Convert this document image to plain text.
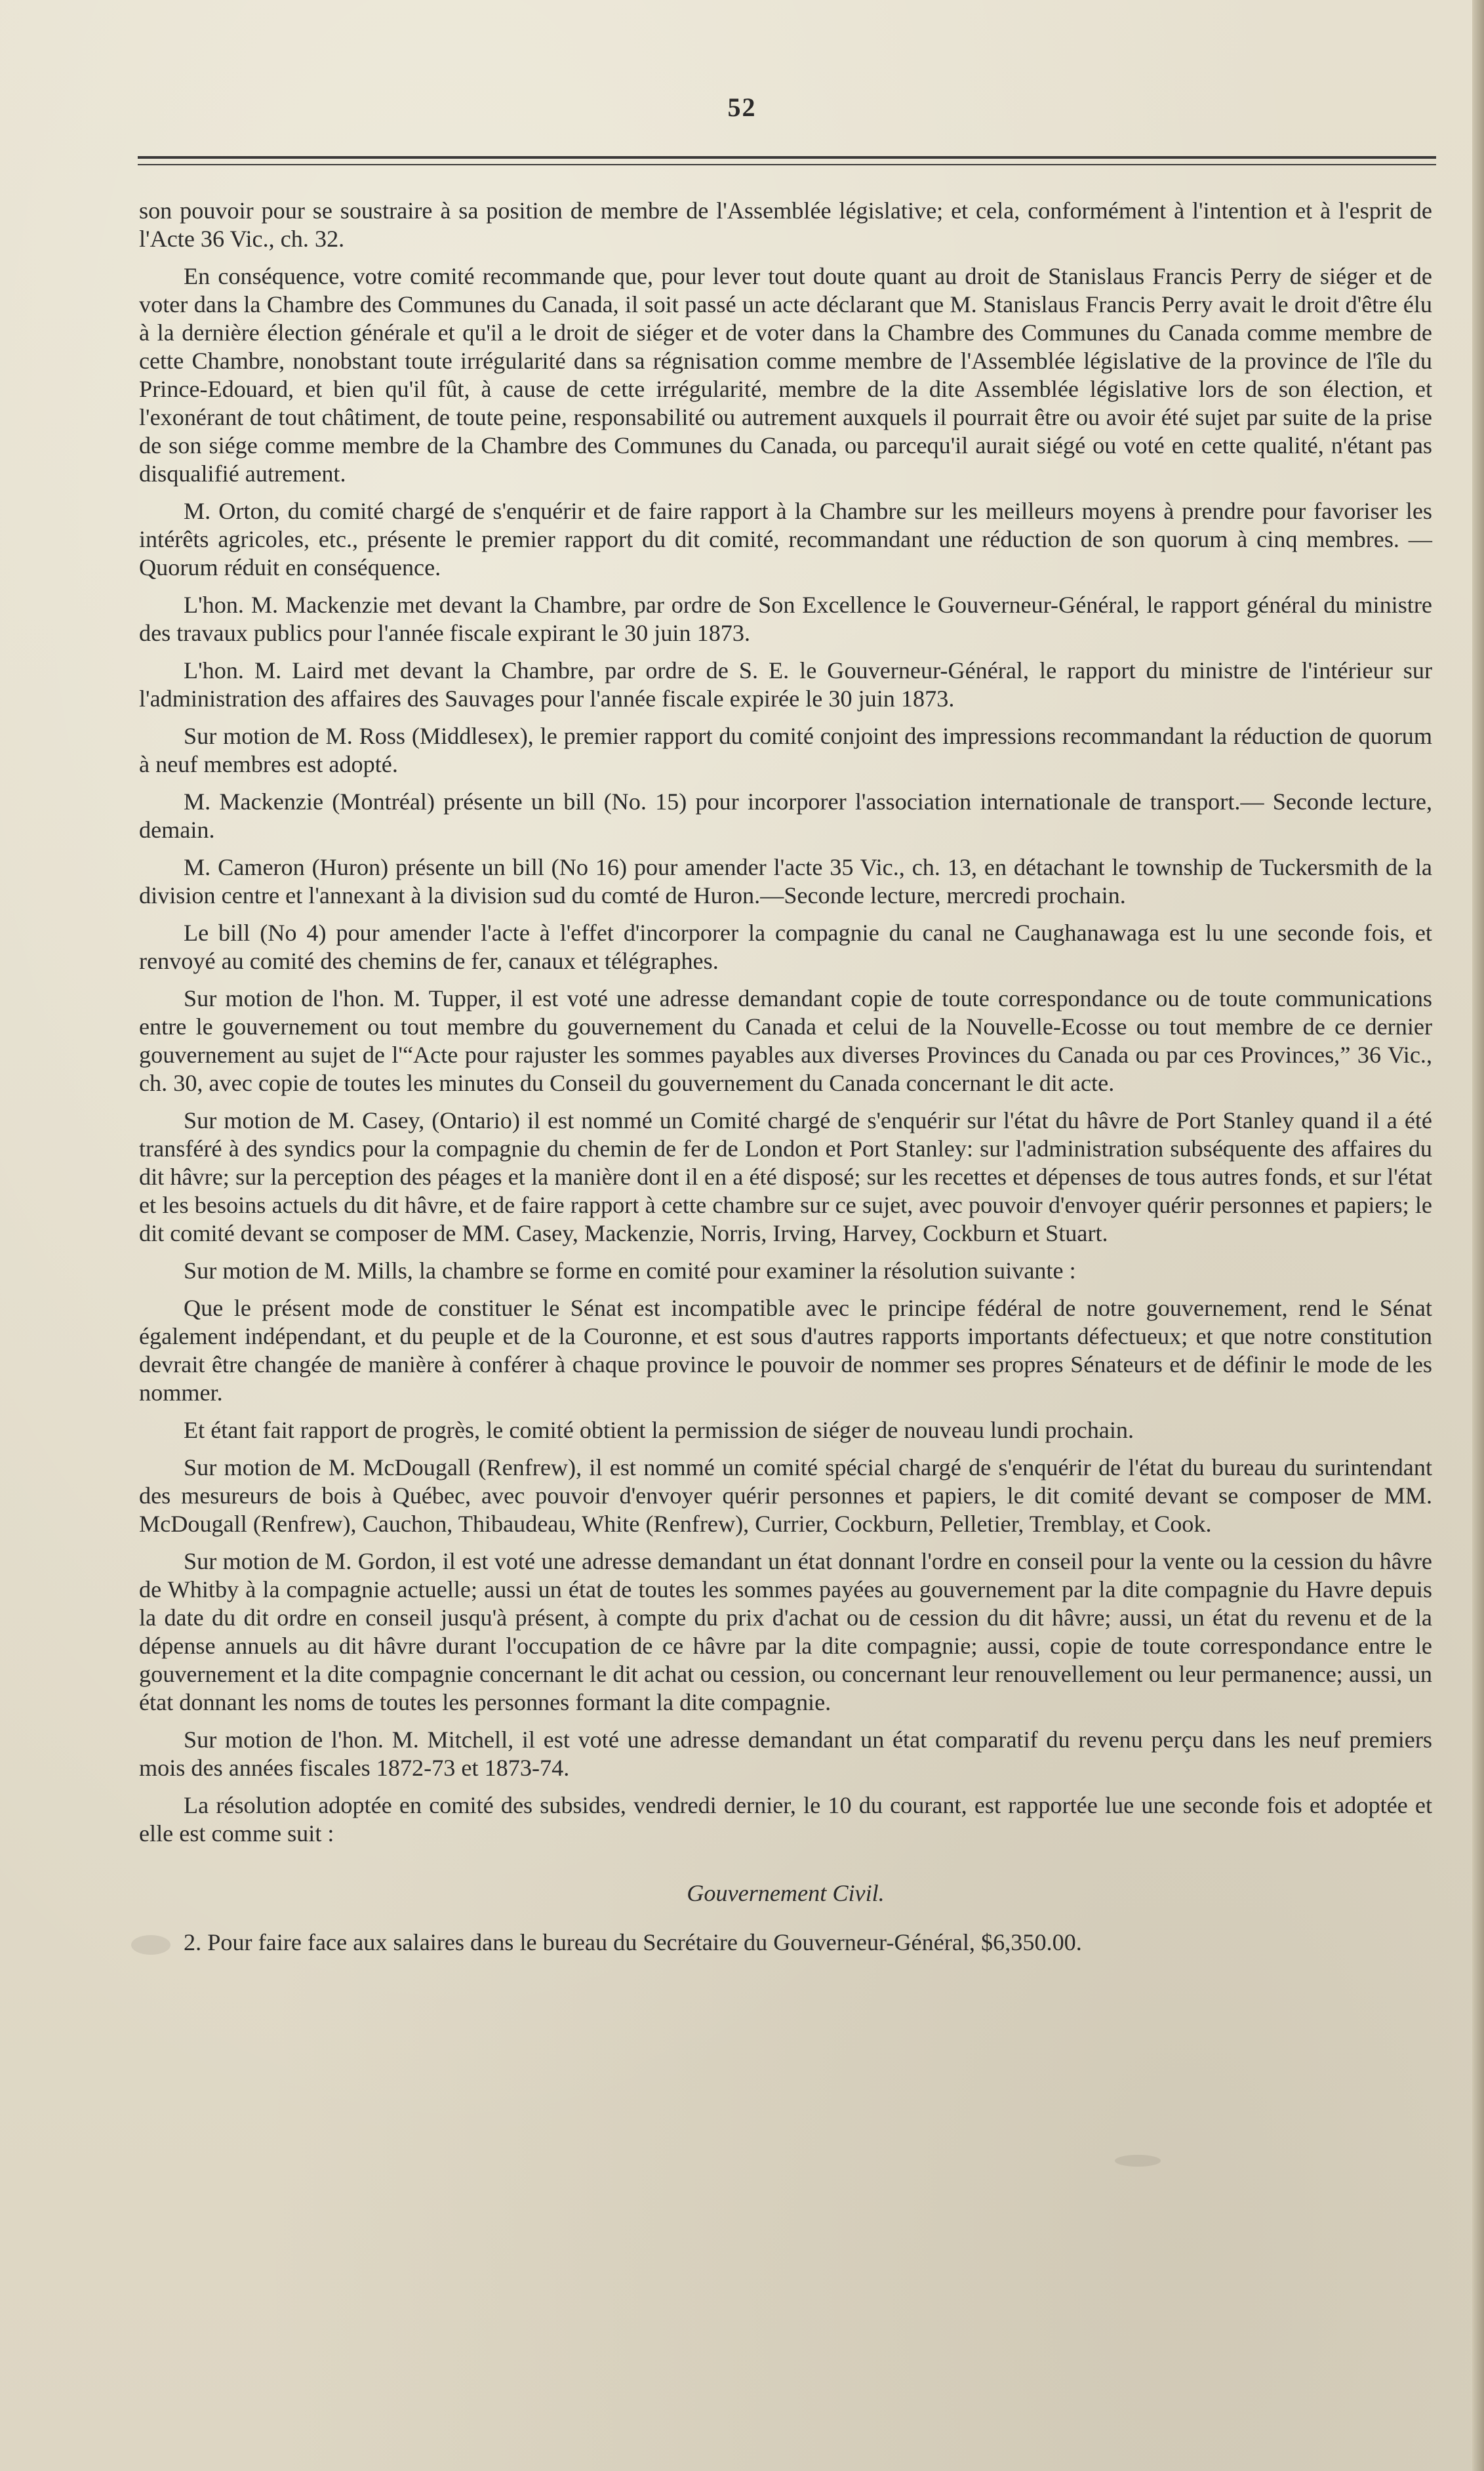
52

son pouvoir pour se soustraire à sa position de membre de l'Assemblée législative; et cela, conformément à l'intention et à l'esprit de l'Acte 36 Vic., ch. 32.

En conséquence, votre comité recommande que, pour lever tout doute quant au droit de Stanislaus Francis Perry de siéger et de voter dans la Chambre des Communes du Canada, il soit passé un acte déclarant que M. Stanislaus Francis Perry avait le droit d'être élu à la dernière élection générale et qu'il a le droit de siéger et de voter dans la Chambre des Communes du Canada comme membre de cette Chambre, nonobstant toute irrégularité dans sa régnisation comme membre de l'Assemblée législative de la province de l'île du Prince-Edouard, et bien qu'il fût, à cause de cette irrégularité, membre de la dite Assemblée législative lors de son élection, et l'exonérant de tout châtiment, de toute peine, responsabilité ou autrement auxquels il pourrait être ou avoir été sujet par suite de la prise de son siége comme membre de la Chambre des Communes du Canada, ou parcequ'il aurait siégé ou voté en cette qualité, n'étant pas disqualifié autrement.

M. Orton, du comité chargé de s'enquérir et de faire rapport à la Chambre sur les meilleurs moyens à prendre pour favoriser les intérêts agricoles, etc., présente le premier rapport du dit comité, recommandant une réduction de son quorum à cinq membres. —Quorum réduit en conséquence.

L'hon. M. Mackenzie met devant la Chambre, par ordre de Son Excellence le Gouverneur-Général, le rapport général du ministre des travaux publics pour l'année fiscale expirant le 30 juin 1873.

L'hon. M. Laird met devant la Chambre, par ordre de S. E. le Gouverneur-Général, le rapport du ministre de l'intérieur sur l'administration des affaires des Sauvages pour l'année fiscale expirée le 30 juin 1873.

Sur motion de M. Ross (Middlesex), le premier rapport du comité conjoint des impressions recommandant la réduction de quorum à neuf membres est adopté.

M. Mackenzie (Montréal) présente un bill (No. 15) pour incorporer l'association internationale de transport.— Seconde lecture, demain.

M. Cameron (Huron) présente un bill (No 16) pour amender l'acte 35 Vic., ch. 13, en détachant le township de Tuckersmith de la division centre et l'annexant à la division sud du comté de Huron.—Seconde lecture, mercredi prochain.

Le bill (No 4) pour amender l'acte à l'effet d'incorporer la compagnie du canal ne Caughanawaga est lu une seconde fois, et renvoyé au comité des chemins de fer, canaux et télégraphes.

Sur motion de l'hon. M. Tupper, il est voté une adresse demandant copie de toute correspondance ou de toute communications entre le gouvernement ou tout membre du gouvernement du Canada et celui de la Nouvelle-Ecosse ou tout membre de ce dernier gouvernement au sujet de l'“Acte pour rajuster les sommes payables aux diverses Provinces du Canada ou par ces Provinces,” 36 Vic., ch. 30, avec copie de toutes les minutes du Conseil du gouvernement du Canada concernant le dit acte.

Sur motion de M. Casey, (Ontario) il est nommé un Comité chargé de s'enquérir sur l'état du hâvre de Port Stanley quand il a été transféré à des syndics pour la compagnie du chemin de fer de London et Port Stanley: sur l'administration subséquente des affaires du dit hâvre; sur la perception des péages et la manière dont il en a été disposé; sur les recettes et dépenses de tous autres fonds, et sur l'état et les besoins actuels du dit hâvre, et de faire rapport à cette chambre sur ce sujet, avec pouvoir d'envoyer quérir personnes et papiers; le dit comité devant se composer de MM. Casey, Mackenzie, Norris, Irving, Harvey, Cockburn et Stuart.

Sur motion de M. Mills, la chambre se forme en comité pour examiner la résolution suivante :

Que le présent mode de constituer le Sénat est incompatible avec le principe fédéral de notre gouvernement, rend le Sénat également indépendant, et du peuple et de la Couronne, et est sous d'autres rapports importants défectueux; et que notre constitution devrait être changée de manière à conférer à chaque province le pouvoir de nommer ses propres Sénateurs et de définir le mode de les nommer.

Et étant fait rapport de progrès, le comité obtient la permission de siéger de nouveau lundi prochain.

Sur motion de M. McDougall (Renfrew), il est nommé un comité spécial chargé de s'enquérir de l'état du bureau du surintendant des mesureurs de bois à Québec, avec pouvoir d'envoyer quérir personnes et papiers, le dit comité devant se composer de MM. McDougall (Renfrew), Cauchon, Thibaudeau, White (Renfrew), Currier, Cockburn, Pelletier, Tremblay, et Cook.

Sur motion de M. Gordon, il est voté une adresse demandant un état donnant l'ordre en conseil pour la vente ou la cession du hâvre de Whitby à la compagnie actuelle; aussi un état de toutes les sommes payées au gouvernement par la dite compagnie du Havre depuis la date du dit ordre en conseil jusqu'à présent, à compte du prix d'achat ou de cession du dit hâvre; aussi, un état du revenu et de la dépense annuels au dit hâvre durant l'occupation de ce hâvre par la dite compagnie; aussi, copie de toute correspondance entre le gouvernement et la dite compagnie concernant le dit achat ou cession, ou concernant leur renouvellement ou leur permanence; aussi, un état donnant les noms de toutes les personnes formant la dite compagnie.

Sur motion de l'hon. M. Mitchell, il est voté une adresse demandant un état comparatif du revenu perçu dans les neuf premiers mois des années fiscales 1872-73 et 1873-74.

La résolution adoptée en comité des subsides, vendredi dernier, le 10 du courant, est rapportée lue une seconde fois et adoptée et elle est comme suit :

Gouvernement Civil.

2. Pour faire face aux salaires dans le bureau du Secrétaire du Gouverneur-Général, $6,350.00.
